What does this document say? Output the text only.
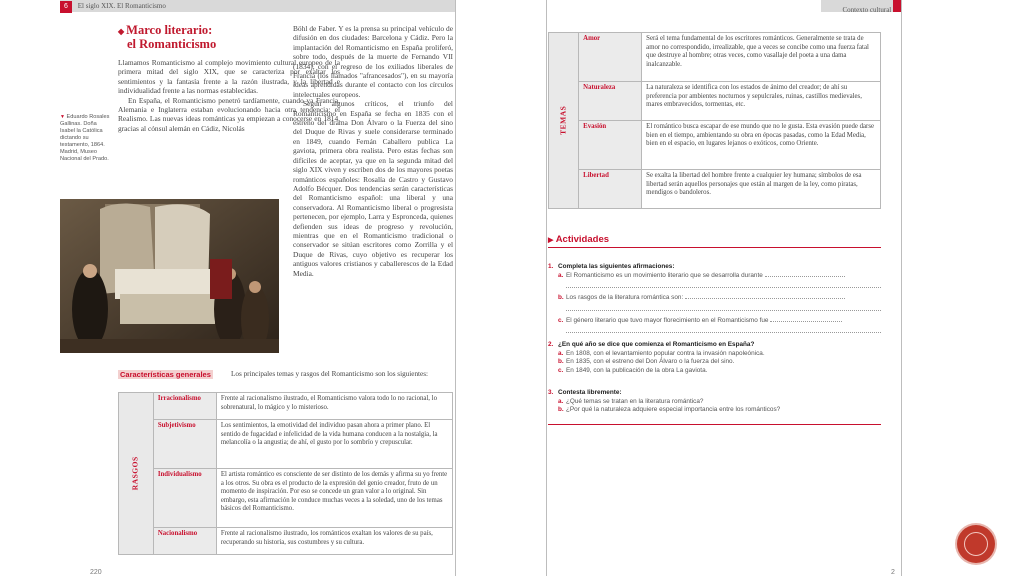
6 El siglo XIX. El Romanticismo
◆ Marco literario:
el Romanticismo

Llamamos Romanticismo al complejo movimiento cultural europeo de la primera mitad del siglo XIX, que se caracteriza por exaltar los sentimientos y la fantasía frente a la razón ilustrada, y la libertad e individualidad frente a las normas establecidas.

En España, el Romanticismo penetró tardíamente, cuando ya Francia, Alemania e Inglaterra estaban evolucionando hacia otra tendencia: el Realismo. Las nuevas ideas románticas ya empiezan a conocerse en 1814, gracias al cónsul alemán en Cádiz, Nicolás

▼ Eduardo Rosales Gallinas. Doña Isabel la Católica dictando su testamento, 1864. Madrid, Museo Nacional del Prado.

Böhl de Faber. Y es la prensa su principal vehículo de difusión en dos ciudades: Barcelona y Cádiz. Pero la implantación del Romanticismo en España proliferó, sobre todo, después de la muerte de Fernando VII (1834), con el regreso de los exiliados liberales de Francia (los llamados "afrancesados"), en su mayoría ideas aprendidas durante el contacto con los círculos intelectuales europeos.

Según algunos críticos, el triunfo del Romanticismo en España se fecha en 1835 con el estreno del drama Don Álvaro o la Fuerza del sino del Duque de Rivas y suele considerarse terminado en 1849, cuando Fernán Caballero publica La gaviota, primera obra realista. Pero estas fechas son difíciles de aceptar, ya que en la segunda mitad del siglo XIX viven y escriben dos de los mayores poetas románticos españoles: Rosalía de Castro y Gustavo Adolfo Bécquer. Dos tendencias serán características del Romanticismo español: una liberal y una conservadora. Al Romanticismo liberal o progresista pertenecen, por ejemplo, Larra y Espronceda, quienes defienden sus ideas de progreso y revolución, mientras que en el Romanticismo tradicional o conservador se sitúan escritores como Zorrilla y el Duque de Rivas, cuyo objetivo es recuperar los antiguos valores cristianos y caballerescos de la Edad Media.

Características generales	Los principales temas y rasgos del Romanticismo son los siguientes:
RASGOS	Irracionalismo	Frente al racionalismo ilustrado, el Romanticismo valora todo lo no racional, lo sobrenatural, lo mágico y lo misterioso.
	Subjetivismo	Los sentimientos, la emotividad del individuo pasan ahora a primer plano. El sentido de fugacidad e infelicidad de la vida humana conducen a la nostalgia, la melancolía o la angustia; de ahí, el gusto por lo sombrío y crepuscular.
	Individualismo	El artista romántico es consciente de ser distinto de los demás y afirma su yo frente a los otros. Su obra es el producto de la expresión del genio creador, fruto de un momento de inspiración. Por eso se concede un gran valor a lo original. Sin embargo, esta afirmación le conduce muchas veces a la soledad, uno de los temas básicos del Romanticismo.
	Nacionalismo	Frente al racionalismo ilustrado, los románticos exaltan los valores de su país, recuperando su historia, sus costumbres y su cultura.
220
Contexto cultural
TEMAS	Amor	Será el tema fundamental de los escritores románticos. Generalmente se trata de amor no correspondido, irrealizable, que a veces se concibe como una fuerza fatal que destruye al hombre; otras veces, como vasallaje del poeta a una dama inalcanzable.
	Naturaleza	La naturaleza se identifica con los estados de ánimo del creador; de ahí su preferencia por ambientes nocturnos y sepulcrales, ruinas, castillos medievales, mares embravecidos, tormentas, etc.
	Evasión	El romántico busca escapar de ese mundo que no le gusta. Esta evasión puede darse bien en el tiempo, ambientando su obra en épocas pasadas, como la Edad Media, bien en el espacio, en lugares lejanos o exóticos, como Oriente.
	Libertad	Se exalta la libertad del hombre frente a cualquier ley humana; símbolos de esa libertad serán aquellos personajes que están al margen de la ley, como piratas, mendigos o bandoleros.
▶ Actividades
1. Completa las siguientes afirmaciones:
a. El Romanticismo es un movimiento literario que se desarrolla durante
b. Los rasgos de la literatura romántica son:
c. El género literario que tuvo mayor florecimiento en el Romanticismo fue
2. ¿En qué año se dice que comienza el Romanticismo en España?
a. En 1808, con el levantamiento popular contra la invasión napoleónica.
b. En 1835, con el estreno del Don Álvaro o la fuerza del sino.
c. En 1849, con la publicación de la obra La gaviota.
3. Contesta libremente:
a. ¿Qué temas se tratan en la literatura romántica?
b. ¿Por qué la naturaleza adquiere especial importancia entre los románticos?
2
